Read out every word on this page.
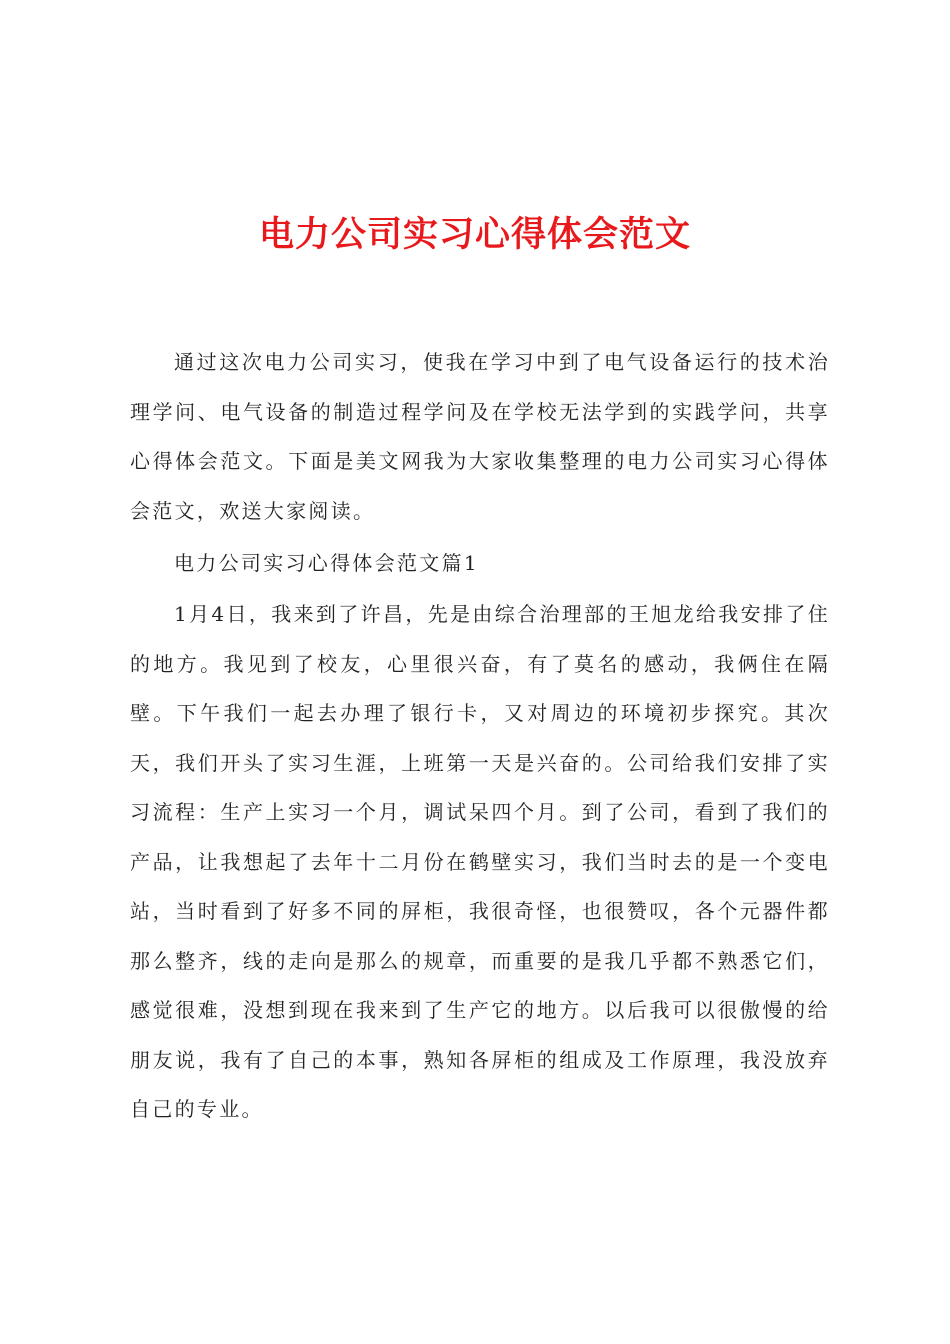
电力公司实习心得体会范文

通过这次电力公司实习，使我在学习中到了电气设备运行的技术治理学问、电气设备的制造过程学问及在学校无法学到的实践学问，共享心得体会范文。下面是美文网我为大家收集整理的电力公司实习心得体会范文，欢送大家阅读。

电力公司实习心得体会范文篇1

1月4日，我来到了许昌，先是由综合治理部的王旭龙给我安排了住的地方。我见到了校友，心里很兴奋，有了莫名的感动，我俩住在隔壁。下午我们一起去办理了银行卡，又对周边的环境初步探究。其次天，我们开头了实习生涯，上班第一天是兴奋的。公司给我们安排了实习流程：生产上实习一个月，调试呆四个月。到了公司，看到了我们的产品，让我想起了去年十二月份在鹤壁实习，我们当时去的是一个变电站，当时看到了好多不同的屏柜，我很奇怪，也很赞叹，各个元器件都那么整齐，线的走向是那么的规章，而重要的是我几乎都不熟悉它们，感觉很难，没想到现在我来到了生产它的地方。以后我可以很傲慢的给朋友说，我有了自己的本事，熟知各屏柜的组成及工作原理，我没放弃自己的专业。
